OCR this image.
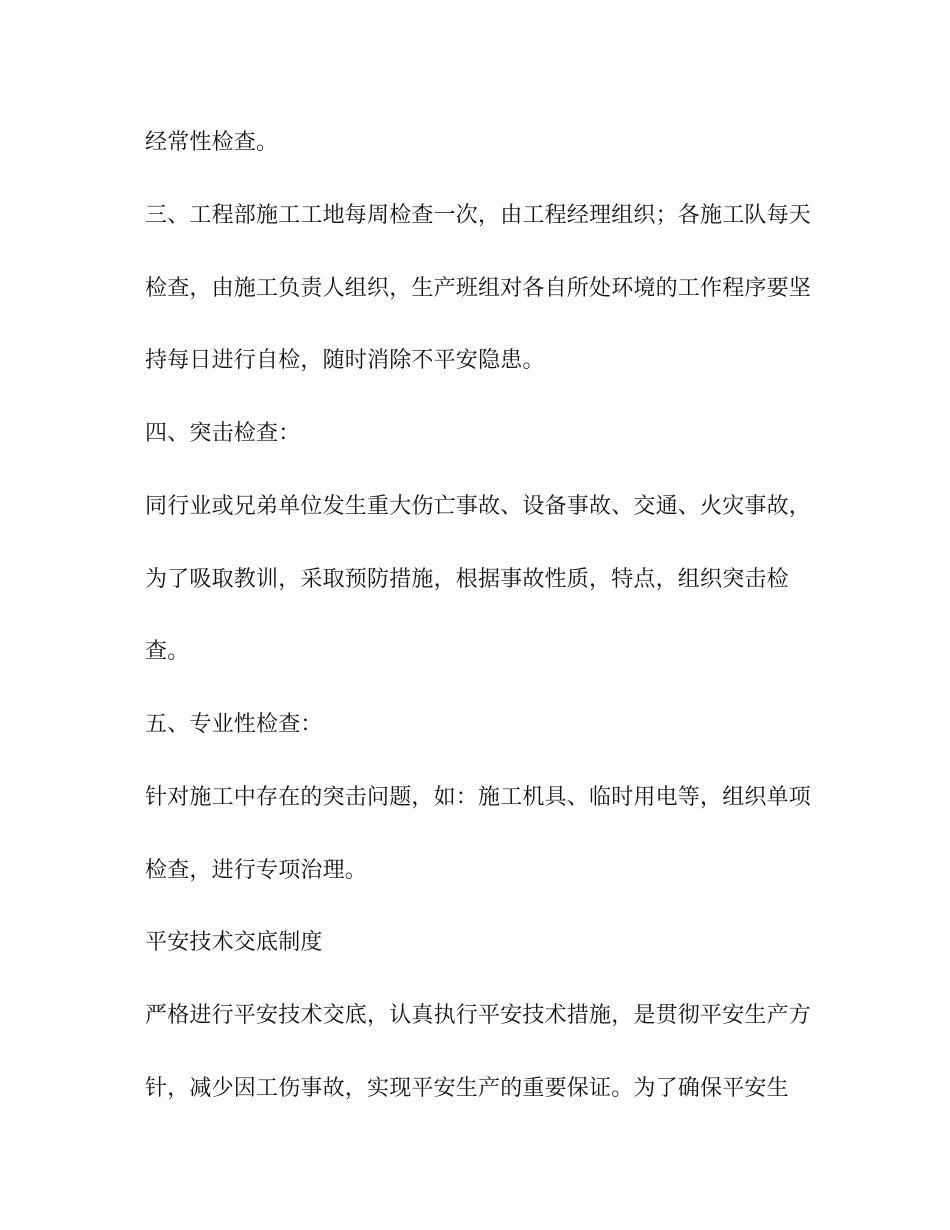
经常性检查。
三、工程部施工工地每周检查一次，由工程经理组织；各施工队每天
检查，由施工负责人组织，生产班组对各自所处环境的工作程序要坚
持每日进行自检，随时消除不平安隐患。
四、突击检查：
同行业或兄弟单位发生重大伤亡事故、设备事故、交通、火灾事故，
为了吸取教训，采取预防措施，根据事故性质，特点，组织突击检
查。
五、专业性检查：
针对施工中存在的突击问题，如：施工机具、临时用电等，组织单项
检查，进行专项治理。
平安技术交底制度
严格进行平安技术交底，认真执行平安技术措施，是贯彻平安生产方
针，减少因工伤事故，实现平安生产的重要保证。为了确保平安生
